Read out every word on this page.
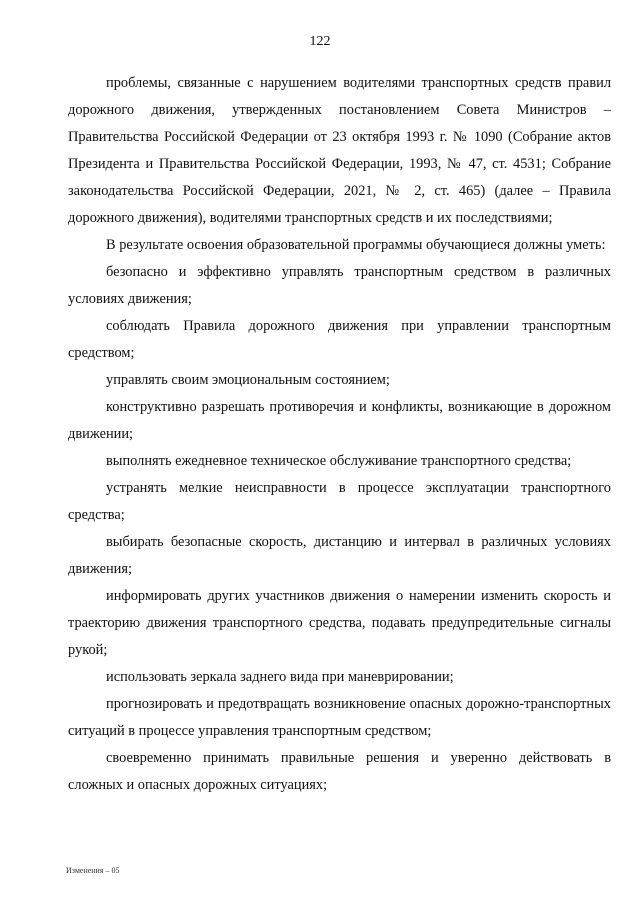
122

проблемы, связанные с нарушением водителями транспортных средств правил дорожного движения, утвержденных постановлением Совета Министров – Правительства Российской Федерации от 23 октября 1993 г. № 1090 (Собрание актов Президента и Правительства Российской Федерации, 1993, № 47, ст. 4531; Собрание законодательства Российской Федерации, 2021, № 2, ст. 465) (далее – Правила дорожного движения), водителями транспортных средств и их последствиями;

В результате освоения образовательной программы обучающиеся должны уметь:

безопасно и эффективно управлять транспортным средством в различных условиях движения;

соблюдать Правила дорожного движения при управлении транспортным средством;

управлять своим эмоциональным состоянием;

конструктивно разрешать противоречия и конфликты, возникающие в дорожном движении;

выполнять ежедневное техническое обслуживание транспортного средства;

устранять мелкие неисправности в процессе эксплуатации транспортного средства;

выбирать безопасные скорость, дистанцию и интервал в различных условиях движения;

информировать других участников движения о намерении изменить скорость и траекторию движения транспортного средства, подавать предупредительные сигналы рукой;

использовать зеркала заднего вида при маневрировании;

прогнозировать и предотвращать возникновение опасных дорожно-транспортных ситуаций в процессе управления транспортным средством;

своевременно принимать правильные решения и уверенно действовать в сложных и опасных дорожных ситуациях;

Изменения – 05
